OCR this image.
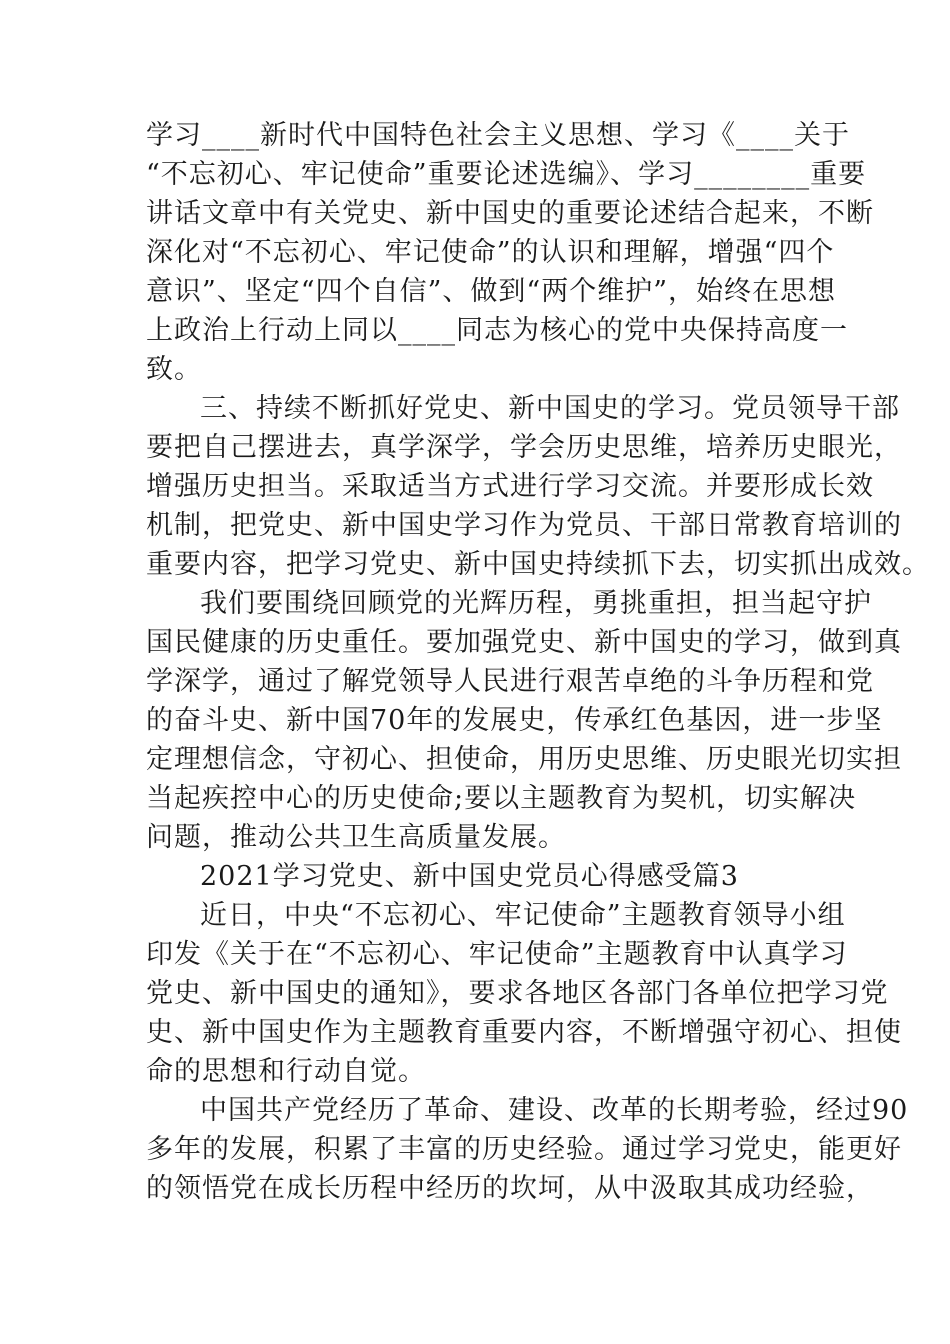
学习____新时代中国特色社会主义思想、学习《____关于
“不忘初心、牢记使命”重要论述选编》、学习________重要
讲话文章中有关党史、新中国史的重要论述结合起来，不断
深化对“不忘初心、牢记使命”的认识和理解，增强“四个
意识”、坚定“四个自信”、做到“两个维护”，始终在思想
上政治上行动上同以____同志为核心的党中央保持高度一
致。
三、持续不断抓好党史、新中国史的学习。党员领导干部
要把自己摆进去，真学深学，学会历史思维，培养历史眼光，
增强历史担当。采取适当方式进行学习交流。并要形成长效
机制，把党史、新中国史学习作为党员、干部日常教育培训的
重要内容，把学习党史、新中国史持续抓下去，切实抓出成效。
我们要围绕回顾党的光辉历程，勇挑重担，担当起守护
国民健康的历史重任。要加强党史、新中国史的学习，做到真
学深学，通过了解党领导人民进行艰苦卓绝的斗争历程和党
的奋斗史、新中国70年的发展史，传承红色基因，进一步坚
定理想信念，守初心、担使命，用历史思维、历史眼光切实担
当起疾控中心的历史使命;要以主题教育为契机，切实解决
问题，推动公共卫生高质量发展。
2021学习党史、新中国史党员心得感受篇3
近日，中央“不忘初心、牢记使命”主题教育领导小组
印发《关于在“不忘初心、牢记使命”主题教育中认真学习
党史、新中国史的通知》，要求各地区各部门各单位把学习党
史、新中国史作为主题教育重要内容，不断增强守初心、担使
命的思想和行动自觉。
中国共产党经历了革命、建设、改革的长期考验，经过90
多年的发展，积累了丰富的历史经验。通过学习党史，能更好
的领悟党在成长历程中经历的坎坷，从中汲取其成功经验，
